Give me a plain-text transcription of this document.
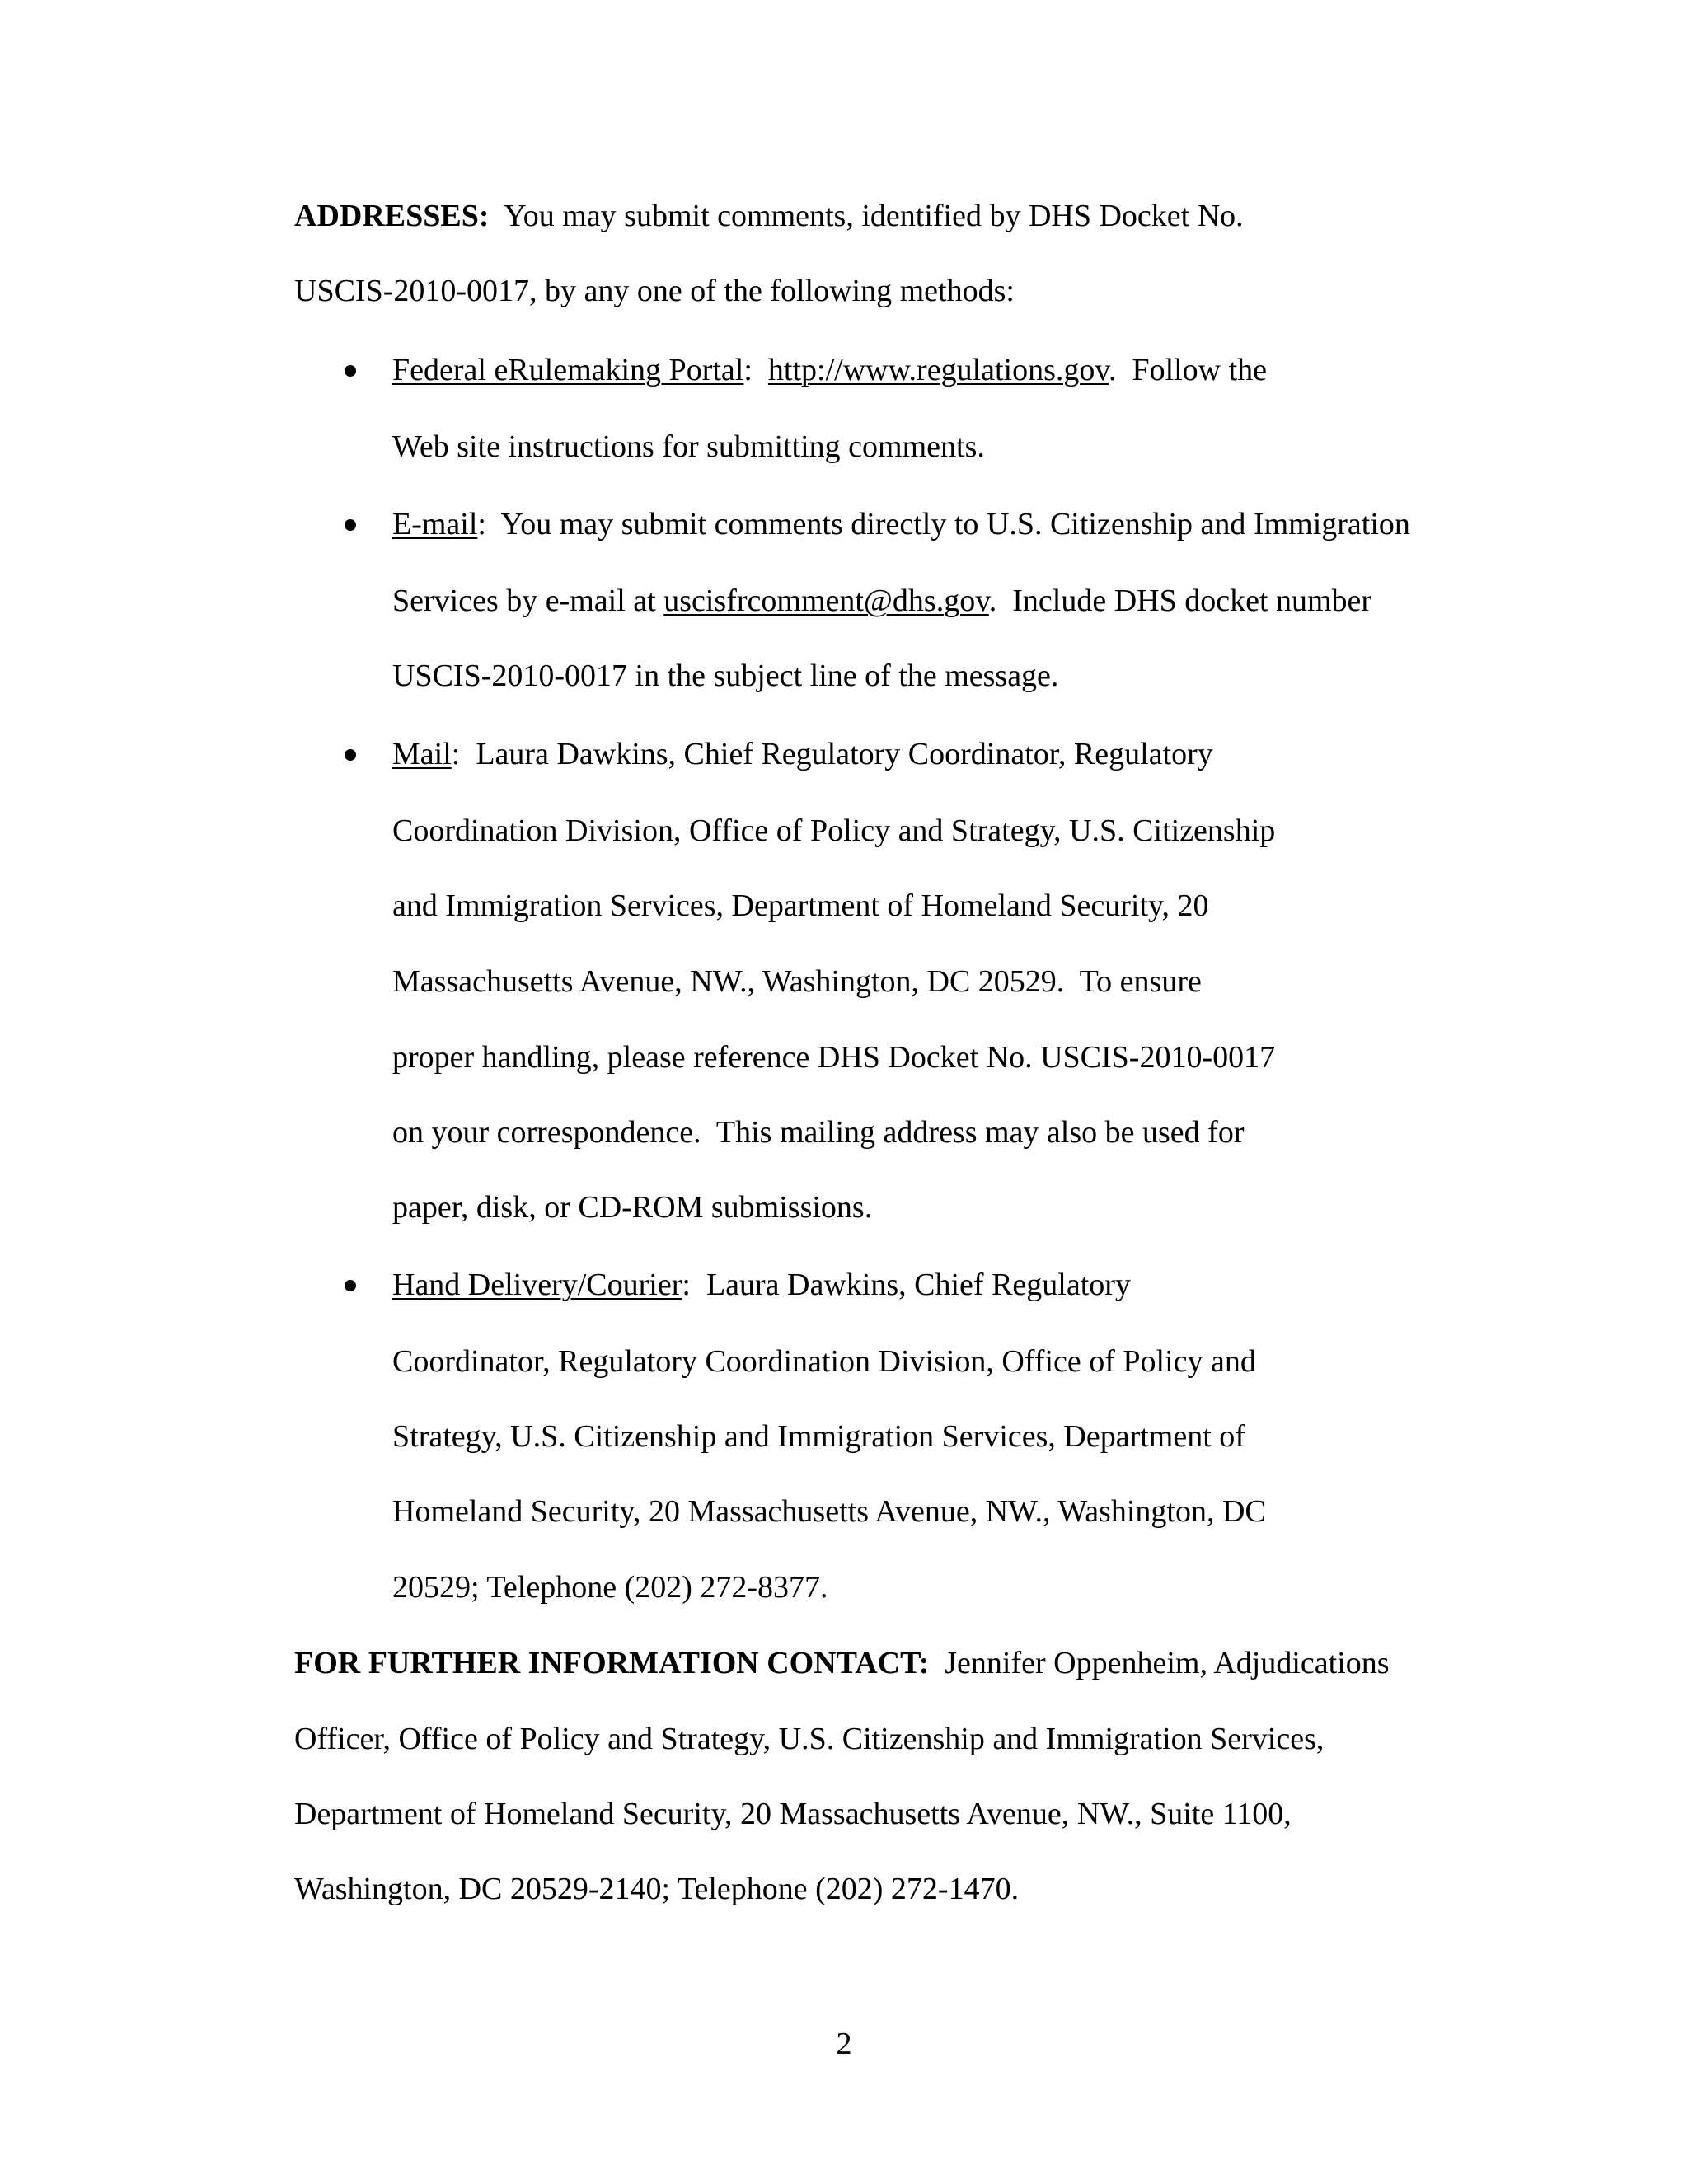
ADDRESSES:  You may submit comments, identified by DHS Docket No.
USCIS-2010-0017, by any one of the following methods:
Federal eRulemaking Portal:  http://www.regulations.gov.  Follow the
Web site instructions for submitting comments.
E-mail:  You may submit comments directly to U.S. Citizenship and Immigration
Services by e-mail at uscisfrcomment@dhs.gov.  Include DHS docket number
USCIS-2010-0017 in the subject line of the message.
Mail:  Laura Dawkins, Chief Regulatory Coordinator, Regulatory
Coordination Division, Office of Policy and Strategy, U.S. Citizenship
and Immigration Services, Department of Homeland Security, 20
Massachusetts Avenue, NW., Washington, DC 20529.  To ensure
proper handling, please reference DHS Docket No. USCIS-2010-0017
on your correspondence.  This mailing address may also be used for
paper, disk, or CD-ROM submissions.
Hand Delivery/Courier:  Laura Dawkins, Chief Regulatory
Coordinator, Regulatory Coordination Division, Office of Policy and
Strategy, U.S. Citizenship and Immigration Services, Department of
Homeland Security, 20 Massachusetts Avenue, NW., Washington, DC
20529; Telephone (202) 272-8377.
FOR FURTHER INFORMATION CONTACT:  Jennifer Oppenheim, Adjudications
Officer, Office of Policy and Strategy, U.S. Citizenship and Immigration Services,
Department of Homeland Security, 20 Massachusetts Avenue, NW., Suite 1100,
Washington, DC 20529-2140; Telephone (202) 272-1470.
2
